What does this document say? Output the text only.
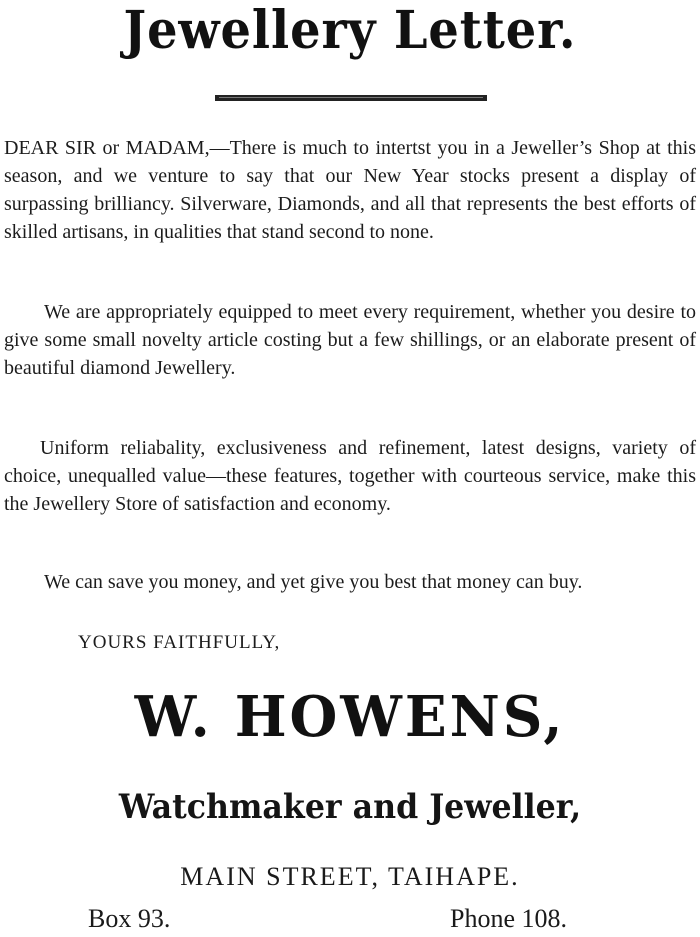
Jewellery Letter.
DEAR SIR or MADAM,—There is much to intertst you in a Jeweller’s Shop at this season, and we venture to say that our New Year stocks present a display of surpassing brilliancy. Silverware, Diamonds, and all that represents the best efforts of skilled artisans, in qualities that stand second to none.
We are appropriately equipped to meet every requirement, whether you desire to give some small novelty article costing but a few shillings, or an elaborate present of beautiful diamond Jewellery.
Uniform reliabality, exclusiveness and refinement, latest designs, variety of choice, unequalled value—these features, together with courteous service, make this the Jewellery Store of satisfaction and economy.
We can save you money, and yet give you best that money can buy.
YOURS FAITHFULLY,
W. HOWENS,
Watchmaker and Jeweller,
MAIN STREET, TAIHAPE.
Box 93.	Phone 108.
